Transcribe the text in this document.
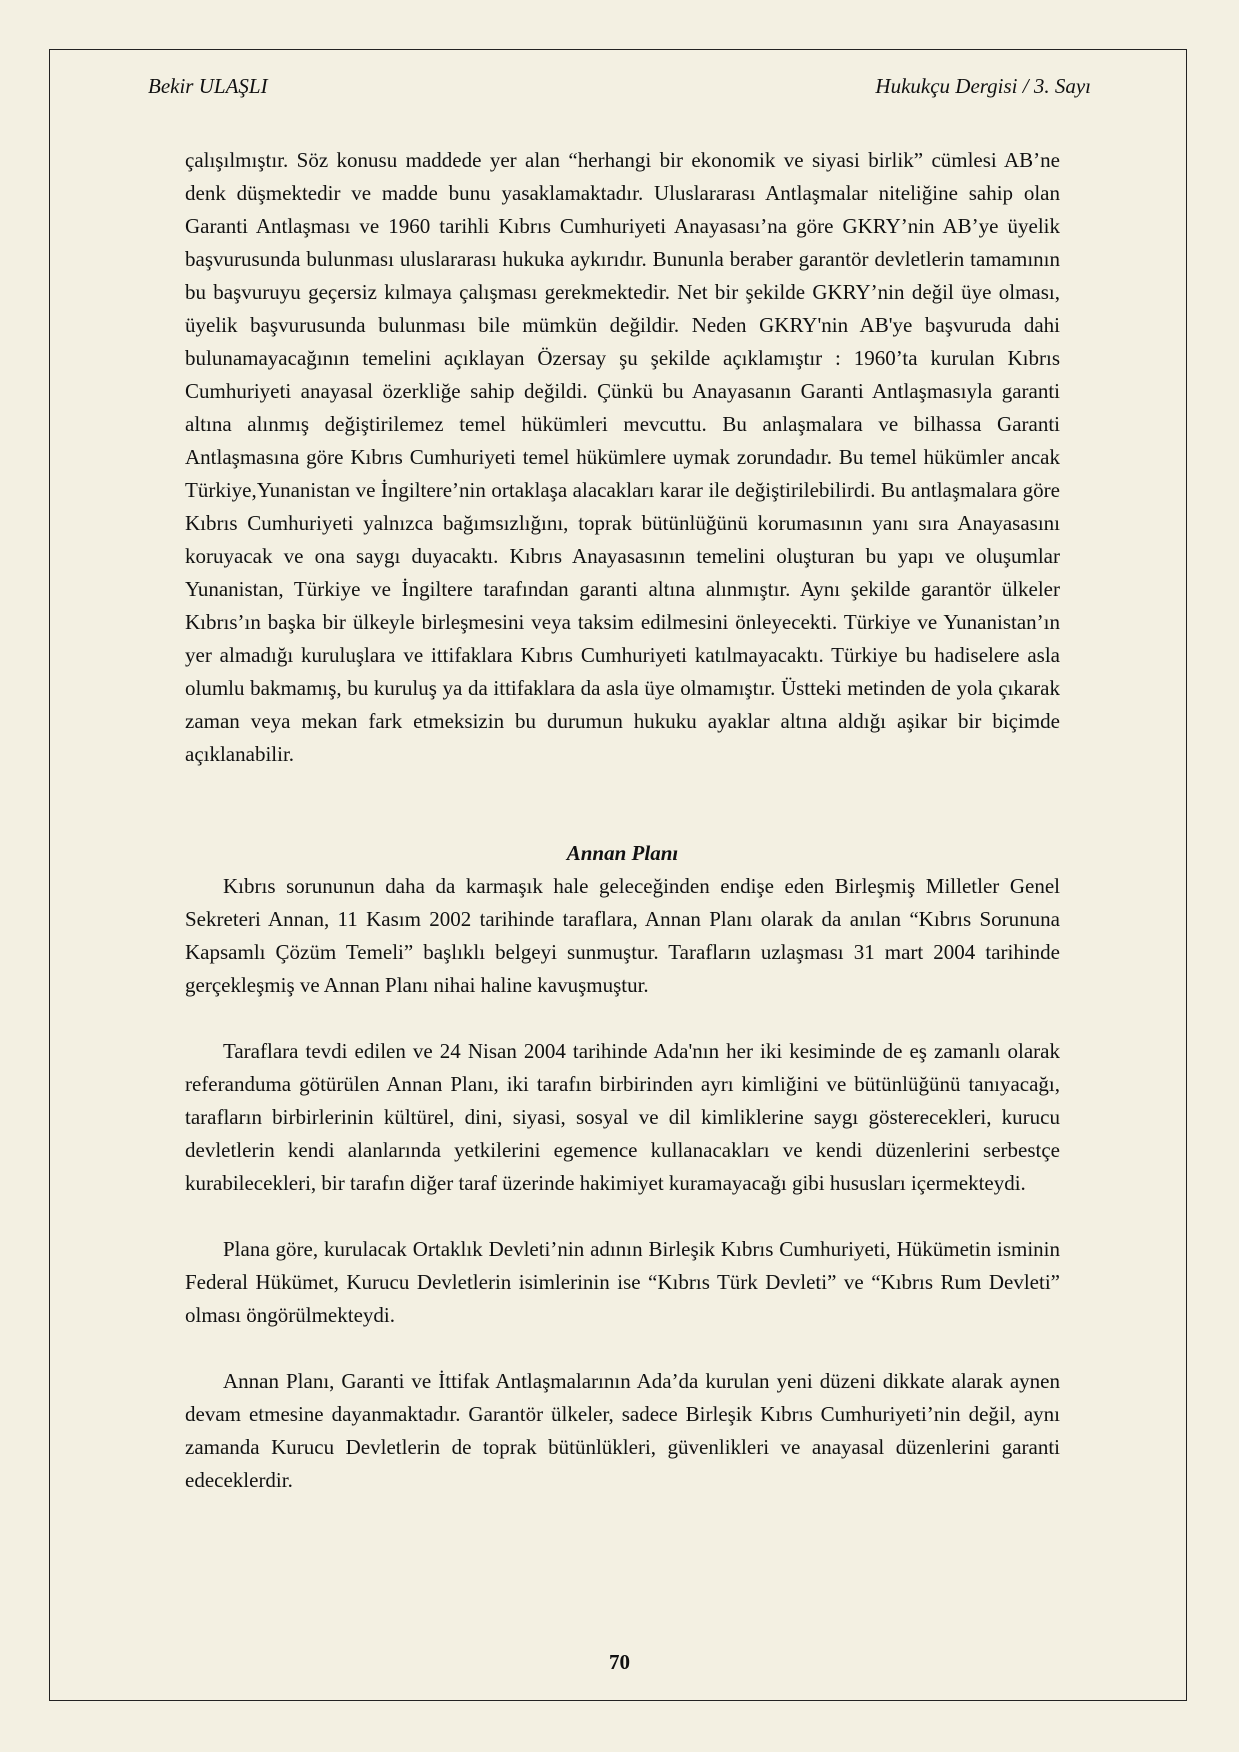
Bekir ULAŞLI	Hukukçu Dergisi / 3. Sayı

çalışılmıştır. Söz konusu maddede yer alan “herhangi bir ekonomik ve siyasi birlik” cümlesi AB’ne denk düşmektedir ve madde bunu yasaklamaktadır. Uluslararası Antlaşmalar niteliğine sahip olan Garanti Antlaşması ve 1960 tarihli Kıbrıs Cumhuriyeti Anayasası’na göre GKRY’nin AB’ye üyelik başvurusunda bulunması uluslararası hukuka aykırıdır. Bununla beraber garantör devletlerin tamamının bu başvuruyu geçersiz kılmaya çalışması gerekmektedir. Net bir şekilde GKRY’nin değil üye olması, üyelik başvurusunda bulunması bile mümkün değildir. Neden GKRY'nin AB'ye başvuruda dahi bulunamayacağının temelini açıklayan Özersay şu şekilde açıklamıştır : 1960’ta kurulan Kıbrıs Cumhuriyeti anayasal özerkliğe sahip değildi. Çünkü bu Anayasanın Garanti Antlaşmasıyla garanti altına alınmış değiştirilemez temel hükümleri mevcuttu. Bu anlaşmalara ve bilhassa Garanti Antlaşmasına göre Kıbrıs Cumhuriyeti temel hükümlere uymak zorundadır. Bu temel hükümler ancak Türkiye,Yunanistan ve İngiltere’nin ortaklaşa alacakları karar ile değiştirilebilirdi. Bu antlaşmalara göre Kıbrıs Cumhuriyeti yalnızca bağımsızlığını, toprak bütünlüğünü korumasının yanı sıra Anayasasını koruyacak ve ona saygı duyacaktı. Kıbrıs Anayasasının temelini oluşturan bu yapı ve oluşumlar Yunanistan, Türkiye ve İngiltere tarafından garanti altına alınmıştır. Aynı şekilde garantör ülkeler Kıbrıs’ın başka bir ülkeyle birleşmesini veya taksim edilmesini önleyecekti. Türkiye ve Yunanistan’ın yer almadığı kuruluşlara ve ittifaklara Kıbrıs Cumhuriyeti katılmayacaktı. Türkiye bu hadiselere asla olumlu bakmamış, bu kuruluş ya da ittifaklara da asla üye olmamıştır. Üstteki metinden de yola çıkarak zaman veya mekan fark etmeksizin bu durumun hukuku ayaklar altına aldığı aşikar bir biçimde açıklanabilir.

Annan Planı

Kıbrıs sorununun daha da karmaşık hale geleceğinden endişe eden Birleşmiş Milletler Genel Sekreteri Annan, 11 Kasım 2002 tarihinde taraflara, Annan Planı olarak da anılan “Kıbrıs Sorununa Kapsamlı Çözüm Temeli” başlıklı belgeyi sunmuştur. Tarafların uzlaşması 31 mart 2004 tarihinde gerçekleşmiş ve Annan Planı nihai haline kavuşmuştur.

Taraflara tevdi edilen ve 24 Nisan 2004 tarihinde Ada'nın her iki kesiminde de eş zamanlı olarak referanduma götürülen Annan Planı, iki tarafın birbirinden ayrı kimliğini ve bütünlüğünü tanıyacağı, tarafların birbirlerinin kültürel, dini, siyasi, sosyal ve dil kimliklerine saygı gösterecekleri, kurucu devletlerin kendi alanlarında yetkilerini egemence kullanacakları ve kendi düzenlerini serbestçe kurabilecekleri, bir tarafın diğer taraf üzerinde hakimiyet kuramayacağı gibi hususları içermekteydi.

Plana göre, kurulacak Ortaklık Devleti’nin adının Birleşik Kıbrıs Cumhuriyeti, Hükümetin isminin Federal Hükümet, Kurucu Devletlerin isimlerinin ise “Kıbrıs Türk Devleti” ve “Kıbrıs Rum Devleti” olması öngörülmekteydi.

Annan Planı, Garanti ve İttifak Antlaşmalarının Ada’da kurulan yeni düzeni dikkate alarak aynen devam etmesine dayanmaktadır. Garantör ülkeler, sadece Birleşik Kıbrıs Cumhuriyeti’nin değil, aynı zamanda Kurucu Devletlerin de toprak bütünlükleri, güvenlikleri ve anayasal düzenlerini garanti edeceklerdir.

70
